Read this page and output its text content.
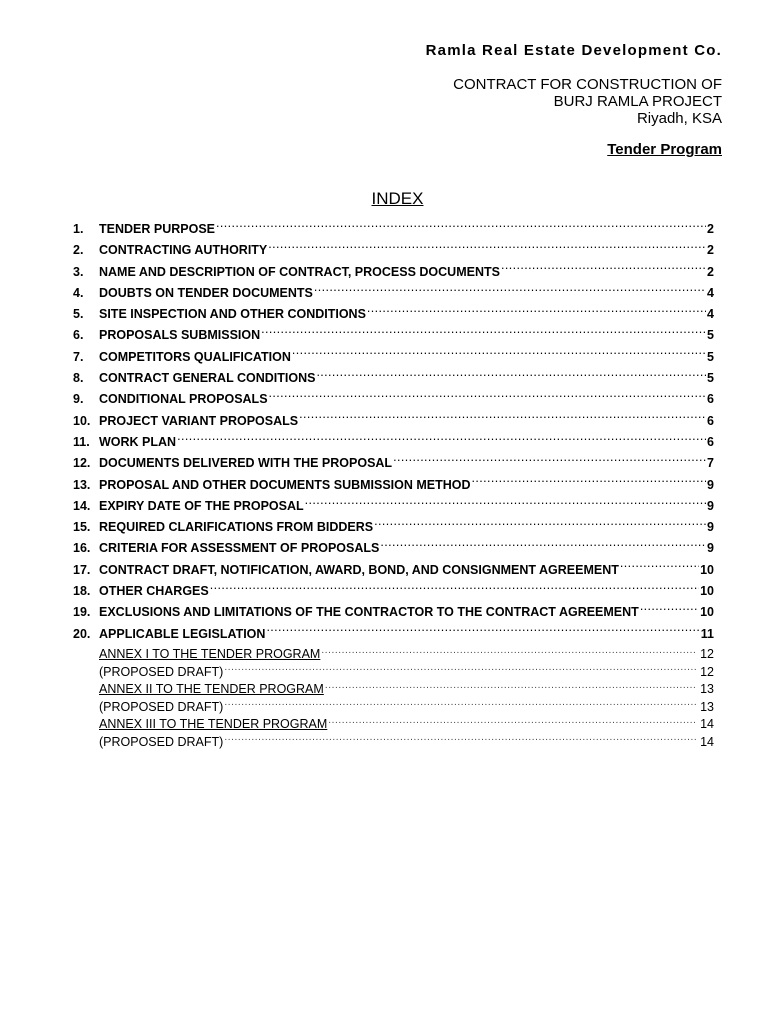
Ramla Real Estate Development Co.
CONTRACT FOR CONSTRUCTION OF
BURJ RAMLA PROJECT
Riyadh, KSA
Tender Program
INDEX
1.	TENDER PURPOSE .....	2
2.	CONTRACTING AUTHORITY .....	2
3.	NAME AND DESCRIPTION OF CONTRACT, PROCESS DOCUMENTS .....	2
4.	DOUBTS ON TENDER DOCUMENTS .....	4
5.	SITE INSPECTION AND OTHER CONDITIONS .....	4
6.	PROPOSALS SUBMISSION .....	5
7.	COMPETITORS QUALIFICATION .....	5
8.	CONTRACT GENERAL CONDITIONS .....	5
9.	CONDITIONAL PROPOSALS .....	6
10. PROJECT VARIANT PROPOSALS .....	6
11. WORK PLAN .....	6
12. DOCUMENTS DELIVERED WITH THE PROPOSAL .....	7
13. PROPOSAL AND OTHER DOCUMENTS SUBMISSION METHOD .....	9
14. EXPIRY DATE OF THE PROPOSAL .....	9
15. REQUIRED CLARIFICATIONS FROM BIDDERS .....	9
16. CRITERIA FOR ASSESSMENT OF PROPOSALS .....	9
17. CONTRACT DRAFT, NOTIFICATION, AWARD, BOND, AND CONSIGNMENT AGREEMENT .....	10
18. OTHER CHARGES .....	10
19. EXCLUSIONS AND LIMITATIONS OF THE CONTRACTOR TO THE CONTRACT AGREEMENT .....	10
20. APPLICABLE LEGISLATION .....	11
ANNEX I TO THE TENDER PROGRAM .....	12
(PROPOSED DRAFT) .....	12
ANNEX II TO THE TENDER PROGRAM .....	13
(PROPOSED DRAFT) .....	13
ANNEX III TO THE TENDER PROGRAM .....	14
(PROPOSED DRAFT) .....	14
